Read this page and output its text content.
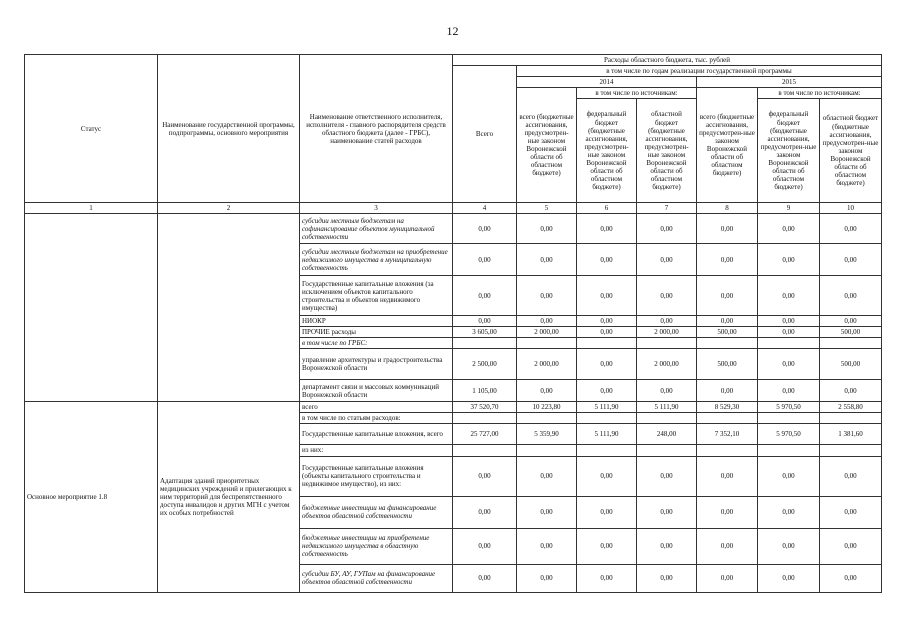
12
Статус	Наименование государственной программы, подпрограммы, основного мероприятия	Наименование ответственного исполнителя, исполнителя - главного распорядителя средств областного бюджета (далее - ГРБС), наименование статей расходов	Расходы областного бюджета, тыс. рублей						
			Всего	в том числе по годам реализации государственной программы					
				2014			2015		
				всего (бюджетные ассигнования, предусмотрен-ные законом Воронежской области об областном бюджете)	в том числе по источникам:		всего (бюджетные ассигнования, предусмотрен-ные законом Воронежской области об областном бюджете)	в том числе по источникам:	
					федеральный бюджет (бюджетные ассигнования, предусмотрен-ные законом Воронежской области об областном бюджете)	областной бюджет (бюджетные ассигнования, предусмотрен-ные законом Воронежской области об областном бюджете)		федеральный бюджет (бюджетные ассигнования, предусмотрен-ные законом Воронежской области об областном бюджете)	областной бюджет (бюджетные ассигнования, предусмотрен-ные законом Воронежской области об областном бюджете)
1	2	3	4	5	6	7	8	9	10
		субсидии местным бюджетам на софинансирование объектов муниципальной собственности	0,00	0,00	0,00	0,00	0,00	0,00	0,00
		субсидии местным бюджетам на приобретение недвижимого имущества в муниципальную собственность	0,00	0,00	0,00	0,00	0,00	0,00	0,00
		Государственные капитальные вложения (за исключением объектов капитального строительства и объектов недвижимого имущества)	0,00	0,00	0,00	0,00	0,00	0,00	0,00
		НИОКР	0,00	0,00	0,00	0,00	0,00	0,00	0,00
		ПРОЧИЕ расходы	3 605,00	2 000,00	0,00	2 000,00	500,00	0,00	500,00
		в том числе по ГРБС:							
		управление архитектуры и градостроительства Воронежской области	2 500,00	2 000,00	0,00	2 000,00	500,00	0,00	500,00
		департамент связи и массовых коммуникаций Воронежской области	1 105,00	0,00	0,00	0,00	0,00	0,00	0,00
Основное мероприятие 1.8	Адаптация зданий приоритетных медицинских учреждений и прилегающих к ним территорий для беспрепятственного доступа инвалидов и других МГН с учетом их особых потребностей	всего	37 520,70	10 223,80	5 111,90	5 111,90	8 529,30	5 970,50	2 558,80
		в том числе по статьям расходов:							
		Государственные капитальные вложения, всего	25 727,00	5 359,90	5 111,90	248,00	7 352,10	5 970,50	1 381,60
		из них:							
		Государственные капитальные вложения (объекты капитального строительства и недвижимое имущество), из них:	0,00	0,00	0,00	0,00	0,00	0,00	0,00
		бюджетные инвестиции на финансирование объектов областной собственности	0,00	0,00	0,00	0,00	0,00	0,00	0,00
		бюджетные инвестиции на приобретение недвижимого имущества в областную собственность	0,00	0,00	0,00	0,00	0,00	0,00	0,00
		субсидии БУ, АУ, ГУПам на финансирование объектов областной собственности	0,00	0,00	0,00	0,00	0,00	0,00	0,00
